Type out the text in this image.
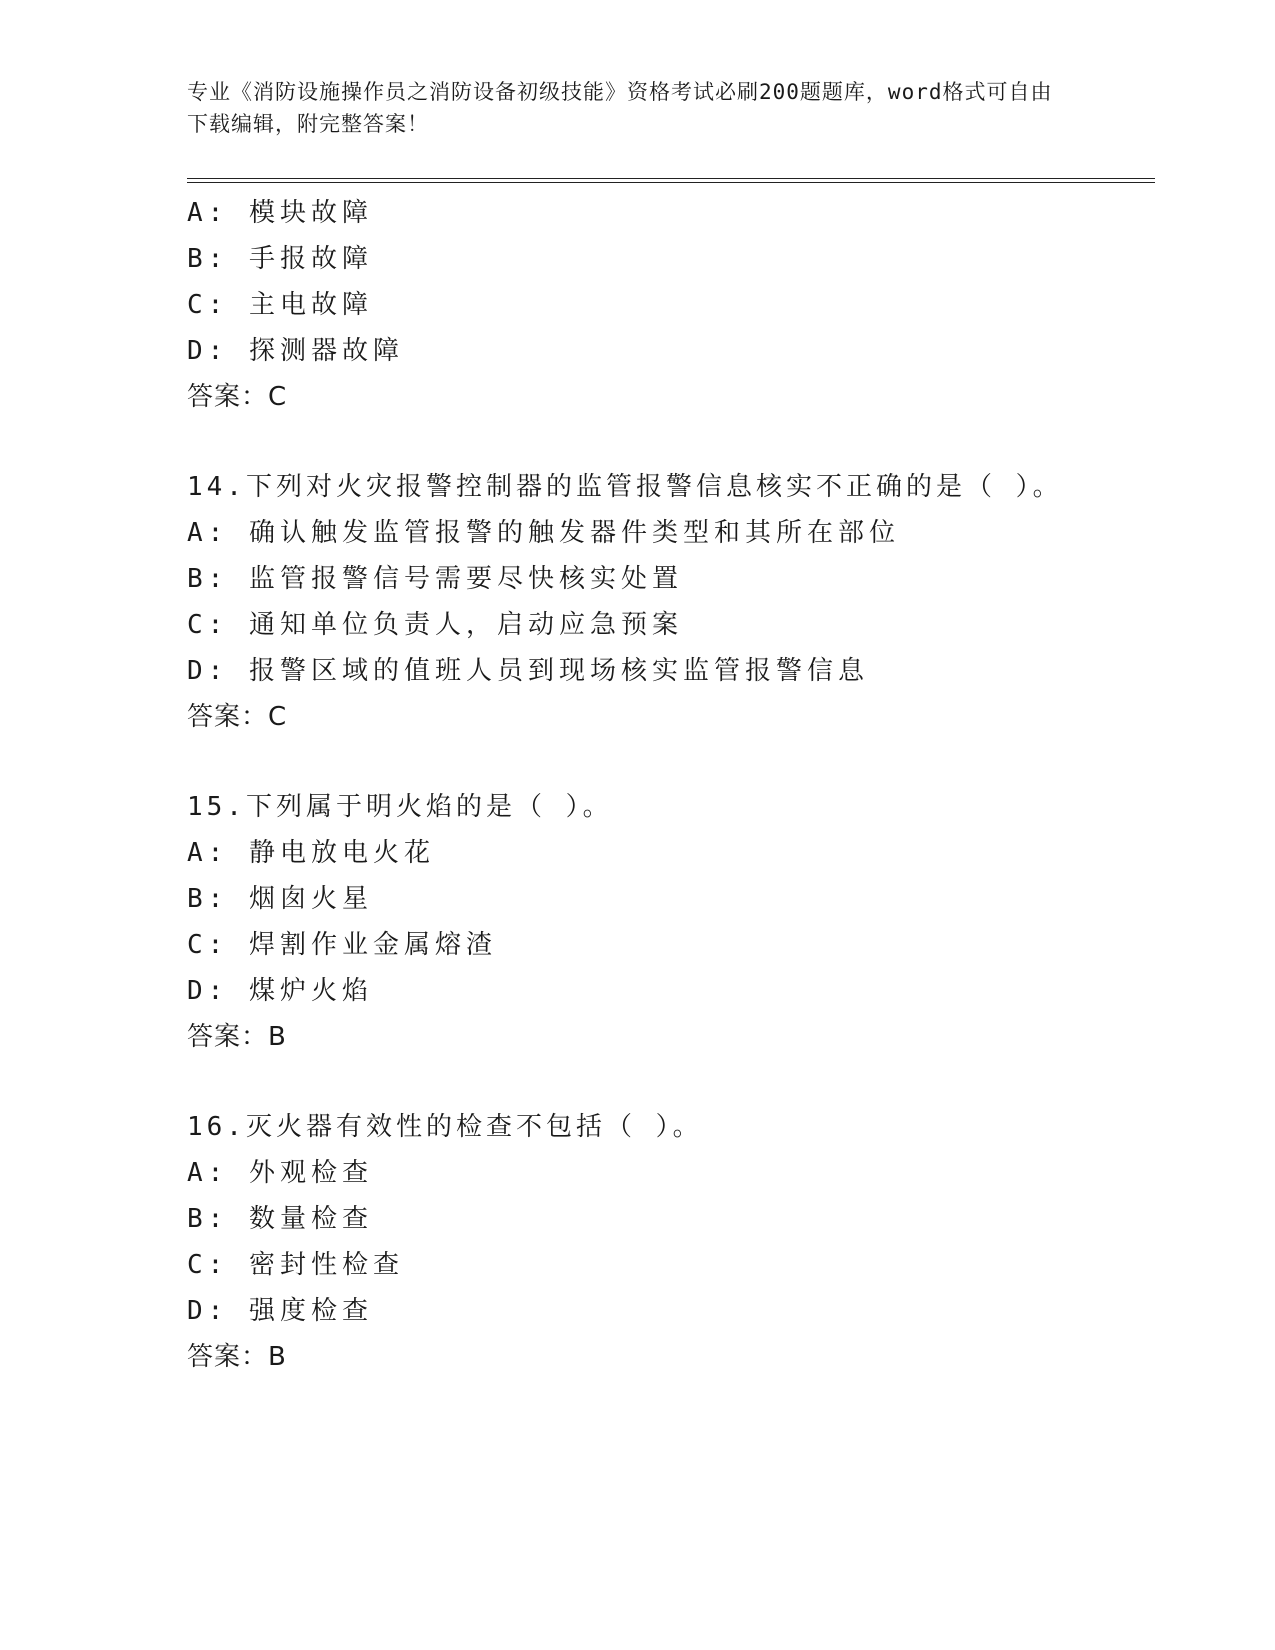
专业《消防设施操作员之消防设备初级技能》资格考试必刷200题题库，word格式可自由下载编辑，附完整答案！
A: 模块故障
B: 手报故障
C: 主电故障
D: 探测器故障
答案：C
14.下列对火灾报警控制器的监管报警信息核实不正确的是（ ）。
A: 确认触发监管报警的触发器件类型和其所在部位
B: 监管报警信号需要尽快核实处置
C: 通知单位负责人，启动应急预案
D: 报警区域的值班人员到现场核实监管报警信息
答案：C
15.下列属于明火焰的是（ ）。
A: 静电放电火花
B: 烟囱火星
C: 焊割作业金属熔渣
D: 煤炉火焰
答案：B
16.灭火器有效性的检查不包括（ ）。
A: 外观检查
B: 数量检查
C: 密封性检查
D: 强度检查
答案：B
